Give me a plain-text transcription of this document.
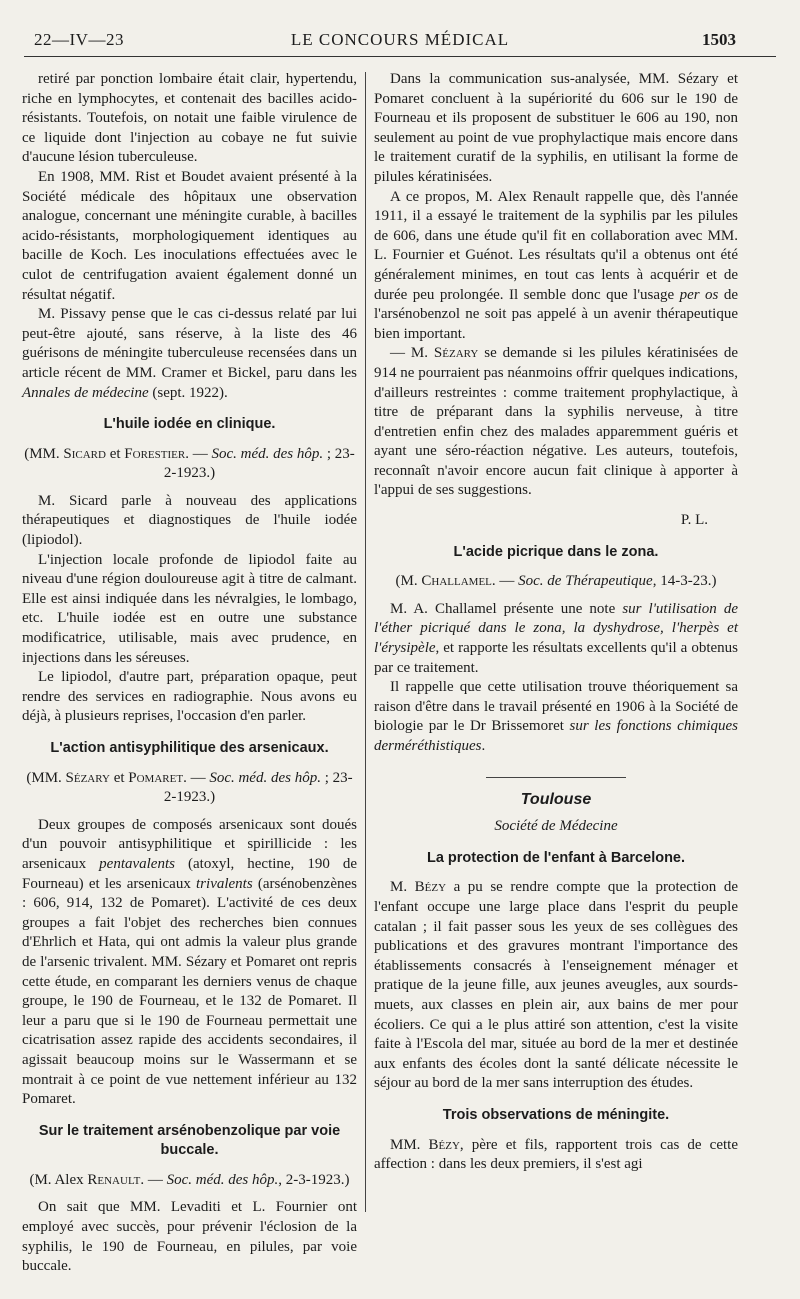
22—IV—23	LE CONCOURS MÉDICAL	1503

retiré par ponction lombaire était clair, hypertendu, riche en lymphocytes, et contenait des bacilles acido-résistants. Toutefois, on notait une faible virulence de ce liquide dont l'injection au cobaye ne fut suivie d'aucune lésion tuberculeuse.

En 1908, MM. Rist et Boudet avaient présenté à la Société médicale des hôpitaux une observation analogue, concernant une méningite curable, à bacilles acido-résistants, morphologiquement identiques au bacille de Koch. Les inoculations effectuées avec le culot de centrifugation avaient également donné un résultat négatif.

M. Pissavy pense que le cas ci-dessus relaté par lui peut-être ajouté, sans réserve, à la liste des 46 guérisons de méningite tuberculeuse recensées dans un article récent de MM. Cramer et Bickel, paru dans les Annales de médecine (sept. 1922).

L'huile iodée en clinique.

(MM. Sicard et Forestier. — Soc. méd. des hôp. ; 23-2-1923.)

M. Sicard parle à nouveau des applications thérapeutiques et diagnostiques de l'huile iodée (lipiodol).

L'injection locale profonde de lipiodol faite au niveau d'une région douloureuse agit à titre de calmant. Elle est ainsi indiquée dans les névralgies, le lombago, etc. L'huile iodée est en outre une substance modificatrice, utilisable, mais avec prudence, en injections dans les séreuses.

Le lipiodol, d'autre part, préparation opaque, peut rendre des services en radiographie. Nous avons eu déjà, à plusieurs reprises, l'occasion d'en parler.

L'action antisyphilitique des arsenicaux.

(MM. Sézary et Pomaret. — Soc. méd. des hôp. ; 23-2-1923.)

Deux groupes de composés arsenicaux sont doués d'un pouvoir antisyphilitique et spirillicide : les arsenicaux pentavalents (atoxyl, hectine, 190 de Fourneau) et les arsenicaux trivalents (arsénobenzènes : 606, 914, 132 de Pomaret). L'activité de ces deux groupes a fait l'objet des recherches bien connues d'Ehrlich et Hata, qui ont admis la valeur plus grande de l'arsenic trivalent. MM. Sézary et Pomaret ont repris cette étude, en comparant les derniers venus de chaque groupe, le 190 de Fourneau, et le 132 de Pomaret. Il leur a paru que si le 190 de Fourneau permettait une cicatrisation assez rapide des accidents secondaires, il agissait beaucoup moins sur le Wassermann et se montrait à ce point de vue nettement inférieur au 132 Pomaret.

Sur le traitement arsénobenzolique par voie buccale.

(M. Alex Renault. — Soc. méd. des hôp., 2-3-1923.)

On sait que MM. Levaditi et L. Fournier ont employé avec succès, pour prévenir l'éclosion de la syphilis, le 190 de Fourneau, en pilules, par voie buccale.

Dans la communication sus-analysée, MM. Sézary et Pomaret concluent à la supériorité du 606 sur le 190 de Fourneau et ils proposent de substituer le 606 au 190, non seulement au point de vue prophylactique mais encore dans le traitement curatif de la syphilis, en utilisant la forme de pilules kératinisées.

A ce propos, M. Alex Renault rappelle que, dès l'année 1911, il a essayé le traitement de la syphilis par les pilules de 606, dans une étude qu'il fit en collaboration avec MM. L. Fournier et Guénot. Les résultats qu'il a obtenus ont été généralement minimes, en tout cas lents à acquérir et de durée peu prolongée. Il semble donc que l'usage per os de l'arsénobenzol ne soit pas appelé à un avenir thérapeutique bien important.

— M. Sézary se demande si les pilules kératinisées de 914 ne pourraient pas néanmoins offrir quelques indications, d'ailleurs restreintes : comme traitement prophylactique, à titre de préparant dans la syphilis nerveuse, à titre d'entretien enfin chez des malades apparemment guéris et ayant une séro-réaction négative. Les auteurs, toutefois, reconnaît n'avoir encore aucun fait clinique à apporter à l'appui de ses suggestions.

P. L.

L'acide picrique dans le zona.

(M. Challamel. — Soc. de Thérapeutique, 14-3-23.)

M. A. Challamel présente une note sur l'utilisation de l'éther picriqué dans le zona, la dyshydrose, l'herpès et l'érysipèle, et rapporte les résultats excellents qu'il a obtenus par ce traitement.

Il rappelle que cette utilisation trouve théoriquement sa raison d'être dans le travail présenté en 1906 à la Société de biologie par le Dr Brissemoret sur les fonctions chimiques derméréthistiques.

Toulouse

Société de Médecine

La protection de l'enfant à Barcelone.

M. Bézy a pu se rendre compte que la protection de l'enfant occupe une large place dans l'esprit du peuple catalan ; il fait passer sous les yeux de ses collègues des publications et des gravures montrant l'importance des établissements consacrés à l'enseignement ménager et pratique de la jeune fille, aux jeunes aveugles, aux sourds-muets, aux classes en plein air, aux bains de mer pour écoliers. Ce qui a le plus attiré son attention, c'est la visite faite à l'Escola del mar, située au bord de la mer et destinée aux enfants des écoles dont la santé délicate nécessite le séjour au bord de la mer sans interruption des études.

Trois observations de méningite.

MM. Bézy, père et fils, rapportent trois cas de cette affection : dans les deux premiers, il s'est agi
